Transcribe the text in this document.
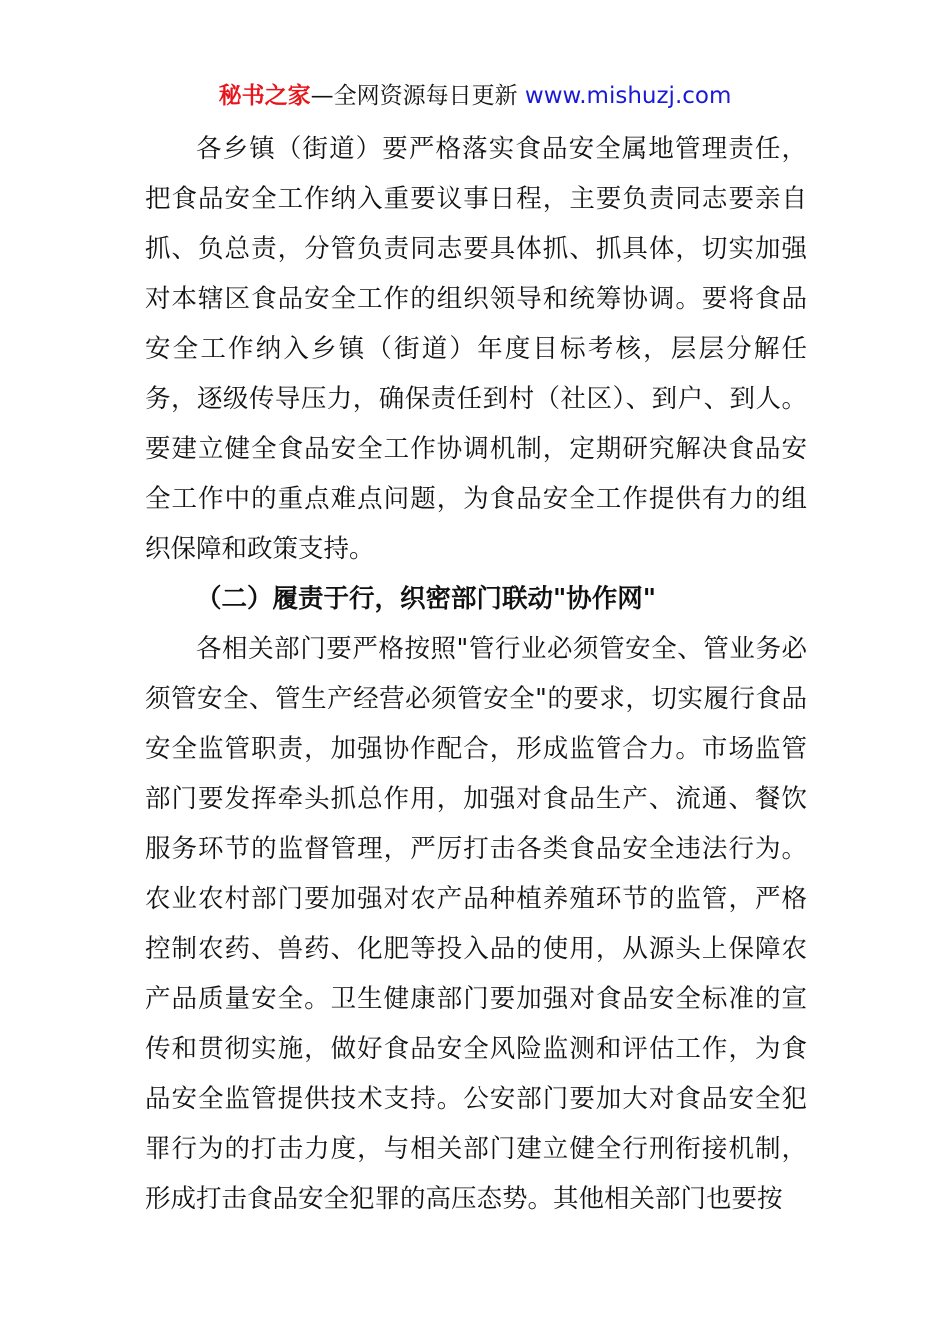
秘书之家—全网资源每日更新 www.mishuzj.com

各乡镇（街道）要严格落实食品安全属地管理责任，把食品安全工作纳入重要议事日程，主要负责同志要亲自抓、负总责，分管负责同志要具体抓、抓具体，切实加强对本辖区食品安全工作的组织领导和统筹协调。要将食品安全工作纳入乡镇（街道）年度目标考核，层层分解任务，逐级传导压力，确保责任到村（社区）、到户、到人。要建立健全食品安全工作协调机制，定期研究解决食品安全工作中的重点难点问题，为食品安全工作提供有力的组织保障和政策支持。

（二）履责于行，织密部门联动"协作网"

各相关部门要严格按照"管行业必须管安全、管业务必须管安全、管生产经营必须管安全"的要求，切实履行食品安全监管职责，加强协作配合，形成监管合力。市场监管部门要发挥牵头抓总作用，加强对食品生产、流通、餐饮服务环节的监督管理，严厉打击各类食品安全违法行为。农业农村部门要加强对农产品种植养殖环节的监管，严格控制农药、兽药、化肥等投入品的使用，从源头上保障农产品质量安全。卫生健康部门要加强对食品安全标准的宣传和贯彻实施，做好食品安全风险监测和评估工作，为食品安全监管提供技术支持。公安部门要加大对食品安全犯罪行为的打击力度，与相关部门建立健全行刑衔接机制，形成打击食品安全犯罪的高压态势。其他相关部门也要按
